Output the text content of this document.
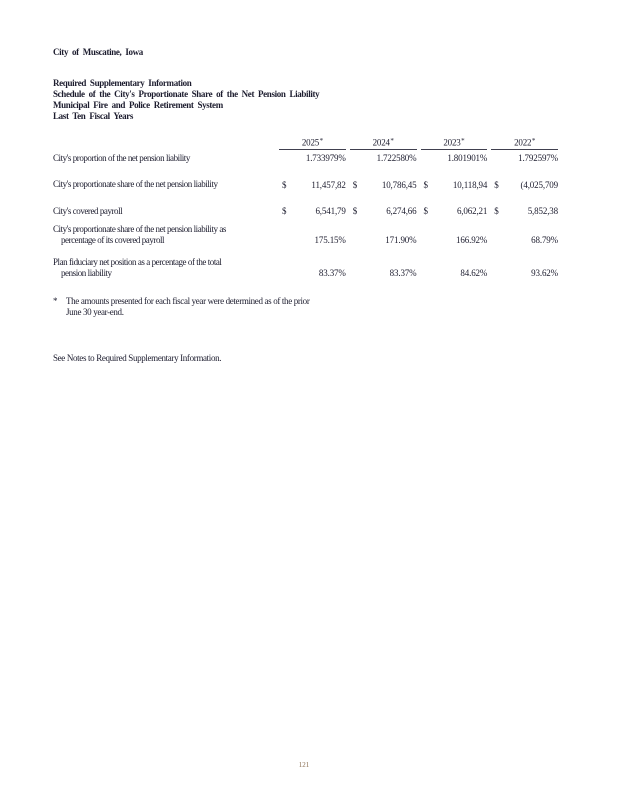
City of Muscatine, Iowa
Required Supplementary Information
Schedule of the City's Proportionate Share of the Net Pension Liability
Municipal Fire and Police Retirement System
Last Ten Fiscal Years

	2025*	2024*	2023*	2022*

City's proportion of the net pension liability	1.733979%	1.722580%	1.801901%	1.792597%

City's proportionate share of the net pension liability	$ 11,457,82	$ 10,786,45	$ 10,118,94	$ (4,025,709

City's covered payroll	$ 6,541,79	$ 6,274,66	$ 6,062,21	$ 5,852,38

City's proportionate share of the net pension liability as
percentage of its covered payroll	175.15%	171.90%	166.92%	68.79%

Plan fiduciary net position as a percentage of the total
pension liability	83.37%	83.37%	84.62%	93.62%
* The amounts presented for each fiscal year were determined as of the prior
June 30 year-end.
See Notes to Required Supplementary Information.
121
